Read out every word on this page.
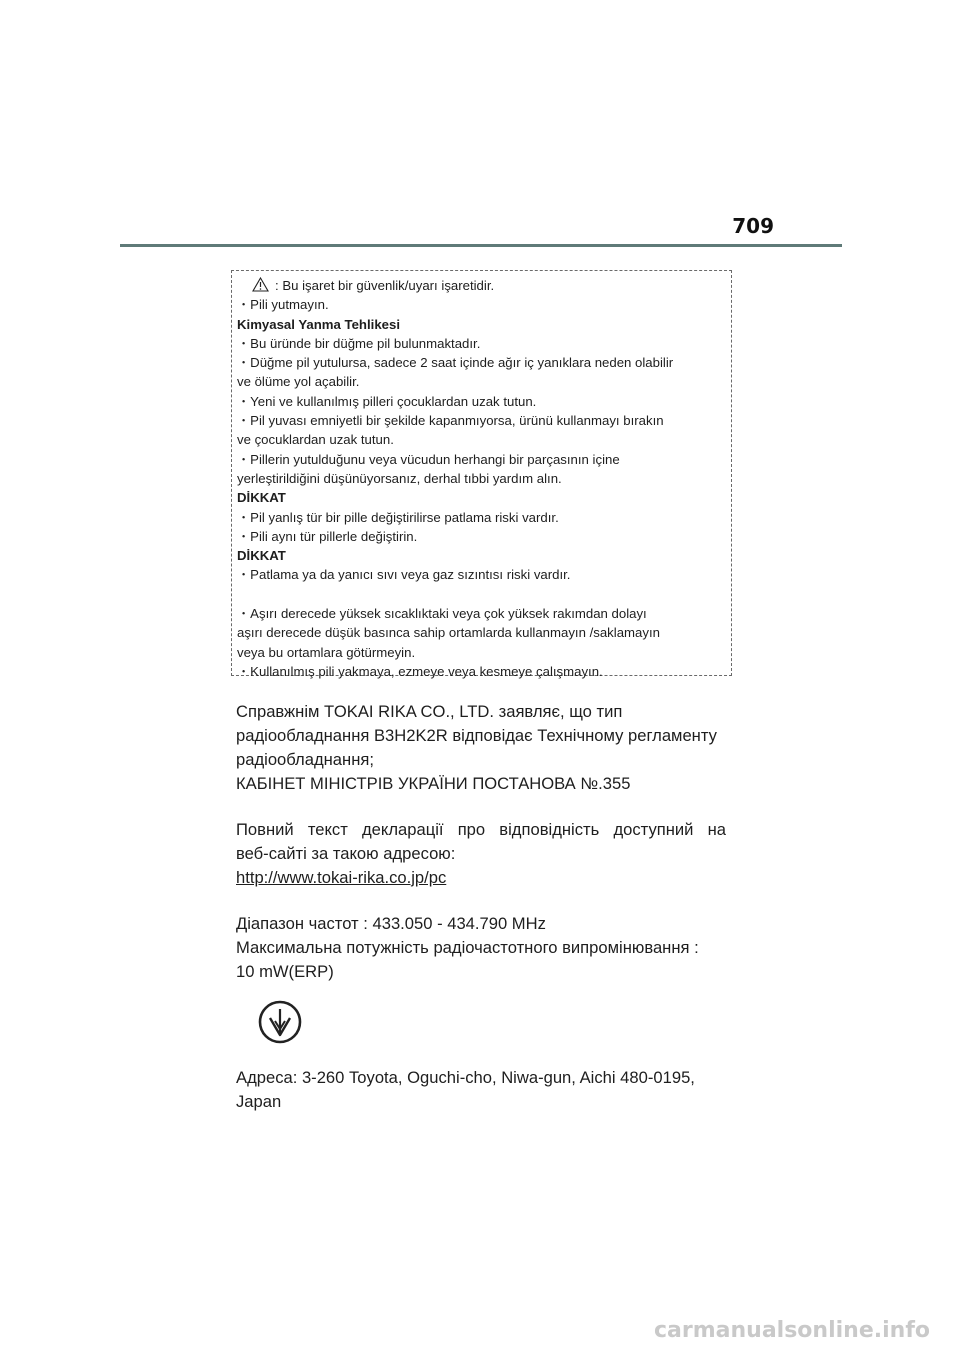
709
: Bu işaret bir güvenlik/uyarı işaretidir.
・Pili yutmayın.
Kimyasal Yanma Tehlikesi
・Bu üründe bir düğme pil bulunmaktadır.
・Düğme pil yutulursa, sadece 2 saat içinde ağır iç yanıklara neden olabilir
ve ölüme yol açabilir.
・Yeni ve kullanılmış pilleri çocuklardan uzak tutun.
・Pil yuvası emniyetli bir şekilde kapanmıyorsa, ürünü kullanmayı bırakın
ve çocuklardan uzak tutun.
・Pillerin yutulduğunu veya vücudun herhangi bir parçasının içine
yerleştirildiğini düşünüyorsanız, derhal tıbbi yardım alın.
DİKKAT
・Pil yanlış tür bir pille değiştirilirse patlama riski vardır.
・Pili aynı tür pillerle değiştirin.
DİKKAT
・Patlama ya da yanıcı sıvı veya gaz sızıntısı riski vardır.
・Aşırı derecede yüksek sıcaklıktaki veya çok yüksek rakımdan dolayı
aşırı derecede düşük basınca sahip ortamlarda kullanmayın /saklamayın
veya bu ortamlara götürmeyin.
・Kullanılmış pili yakmaya, ezmeye veya kesmeye çalışmayın.
Справжнім TOKAI RIKA CO., LTD. заявляє, що тип
радіообладнання B3H2K2R відповідає Технічному регламенту
радіообладнання;
КАБІНЕТ МІНІСТРІВ УКРАЇНИ ПОСТАНОВА №.355
Повний текст декларації про відповідність доступний на
веб-сайті за такою адресою:
http://www.tokai-rika.co.jp/pc
Діапазон частот : 433.050 - 434.790 MHz
Максимальна потужність радіочастотного випромінювання :
10 mW(ERP)
Адреса: 3-260 Toyota, Oguchi-cho, Niwa-gun, Aichi 480-0195,
Japan
carmanualsonline.info
